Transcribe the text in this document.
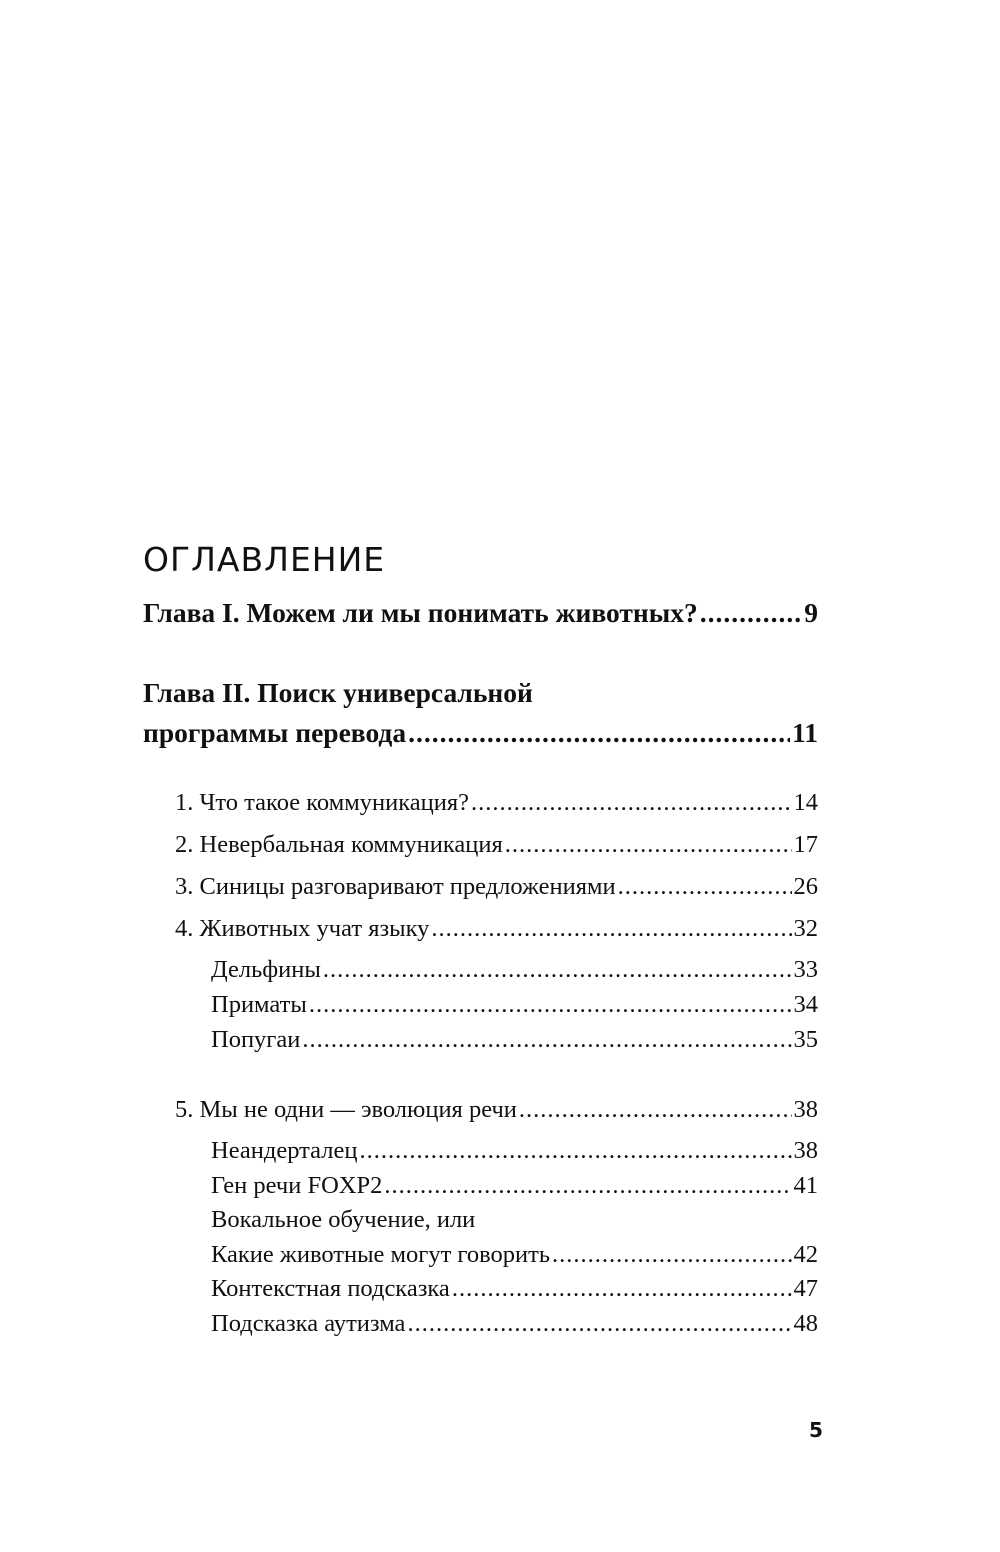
ОГЛАВЛЕНИЕ
Глава I. Можем ли мы понимать животных? .....	9
Глава II. Поиск универсальной
программы перевода .....	11
1. Что такое коммуникация? .....	14
2. Невербальная коммуникация .....	17
3. Синицы разговаривают предложениями .....	26
4. Животных учат языку .....	32
Дельфины .....	33
Приматы .....	34
Попугаи .....	35
5. Мы не одни — эволюция речи .....	38
Неандерталец .....	38
Ген речи FOXP2 .....	41
Вокальное обучение, или
Какие животные могут говорить .....	42
Контекстная подсказка .....	47
Подсказка аутизма .....	48
5
